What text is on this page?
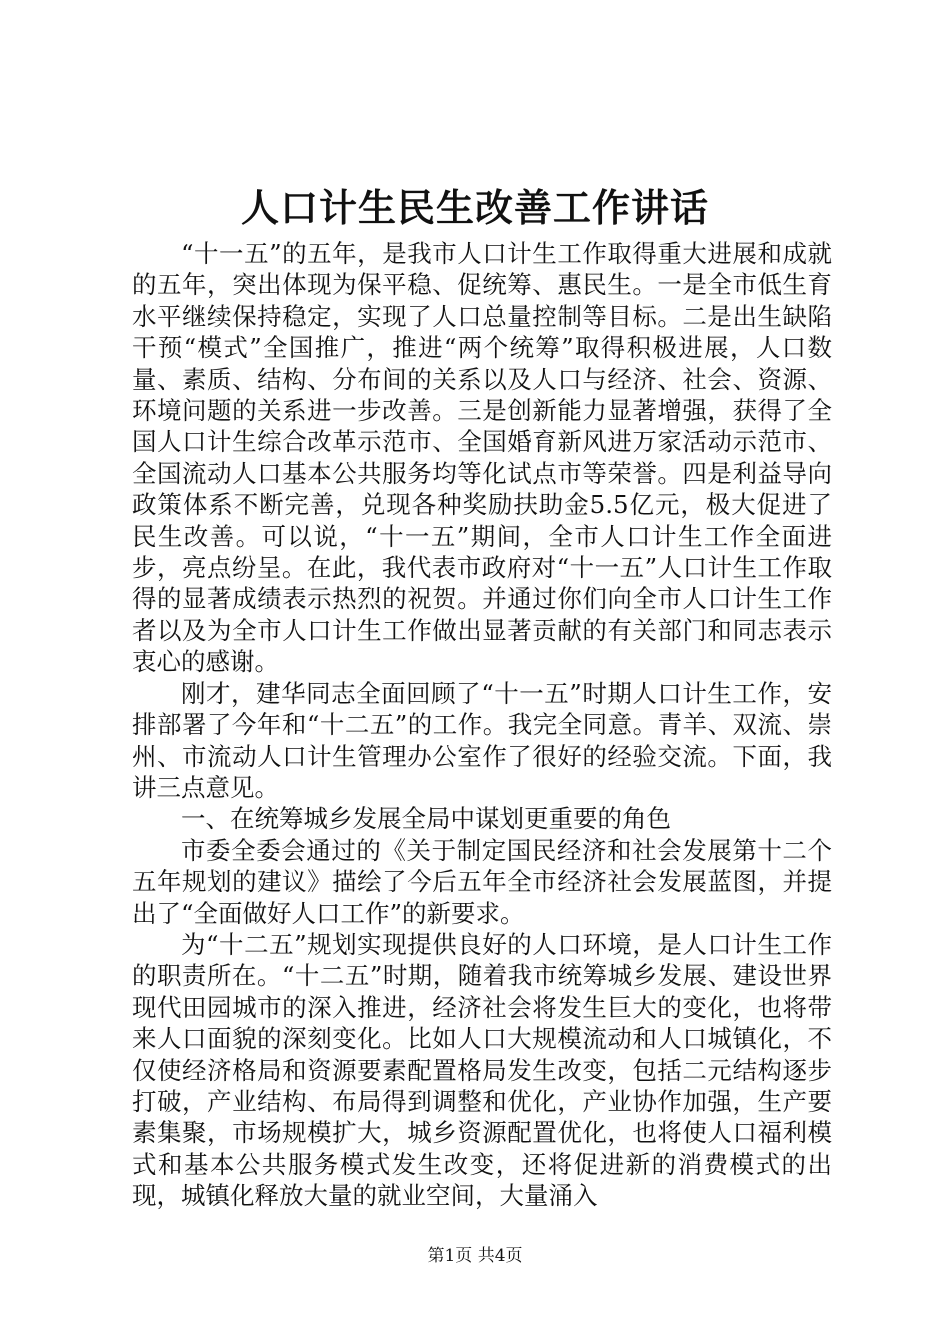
人口计生民生改善工作讲话

“十一五”的五年，是我市人口计生工作取得重大进展和成就的五年，突出体现为保平稳、促统筹、惠民生。一是全市低生育水平继续保持稳定，实现了人口总量控制等目标。二是出生缺陷干预“模式”全国推广，推进“两个统筹”取得积极进展，人口数量、素质、结构、分布间的关系以及人口与经济、社会、资源、环境问题的关系进一步改善。三是创新能力显著增强，获得了全国人口计生综合改革示范市、全国婚育新风进万家活动示范市、全国流动人口基本公共服务均等化试点市等荣誉。四是利益导向政策体系不断完善，兑现各种奖励扶助金5.5亿元，极大促进了民生改善。可以说，“十一五”期间，全市人口计生工作全面进步，亮点纷呈。在此，我代表市政府对“十一五”人口计生工作取得的显著成绩表示热烈的祝贺。并通过你们向全市人口计生工作者以及为全市人口计生工作做出显著贡献的有关部门和同志表示衷心的感谢。

刚才，建华同志全面回顾了“十一五”时期人口计生工作，安排部署了今年和“十二五”的工作。我完全同意。青羊、双流、崇州、市流动人口计生管理办公室作了很好的经验交流。下面，我讲三点意见。

一、在统筹城乡发展全局中谋划更重要的角色

市委全委会通过的《关于制定国民经济和社会发展第十二个五年规划的建议》描绘了今后五年全市经济社会发展蓝图，并提出了“全面做好人口工作”的新要求。

为“十二五”规划实现提供良好的人口环境，是人口计生工作的职责所在。“十二五”时期，随着我市统筹城乡发展、建设世界现代田园城市的深入推进，经济社会将发生巨大的变化，也将带来人口面貌的深刻变化。比如人口大规模流动和人口城镇化，不仅使经济格局和资源要素配置格局发生改变，包括二元结构逐步打破，产业结构、布局得到调整和优化，产业协作加强，生产要素集聚，市场规模扩大，城乡资源配置优化，也将使人口福利模式和基本公共服务模式发生改变，还将促进新的消费模式的出现，城镇化释放大量的就业空间，大量涌入

第1页 共4页
